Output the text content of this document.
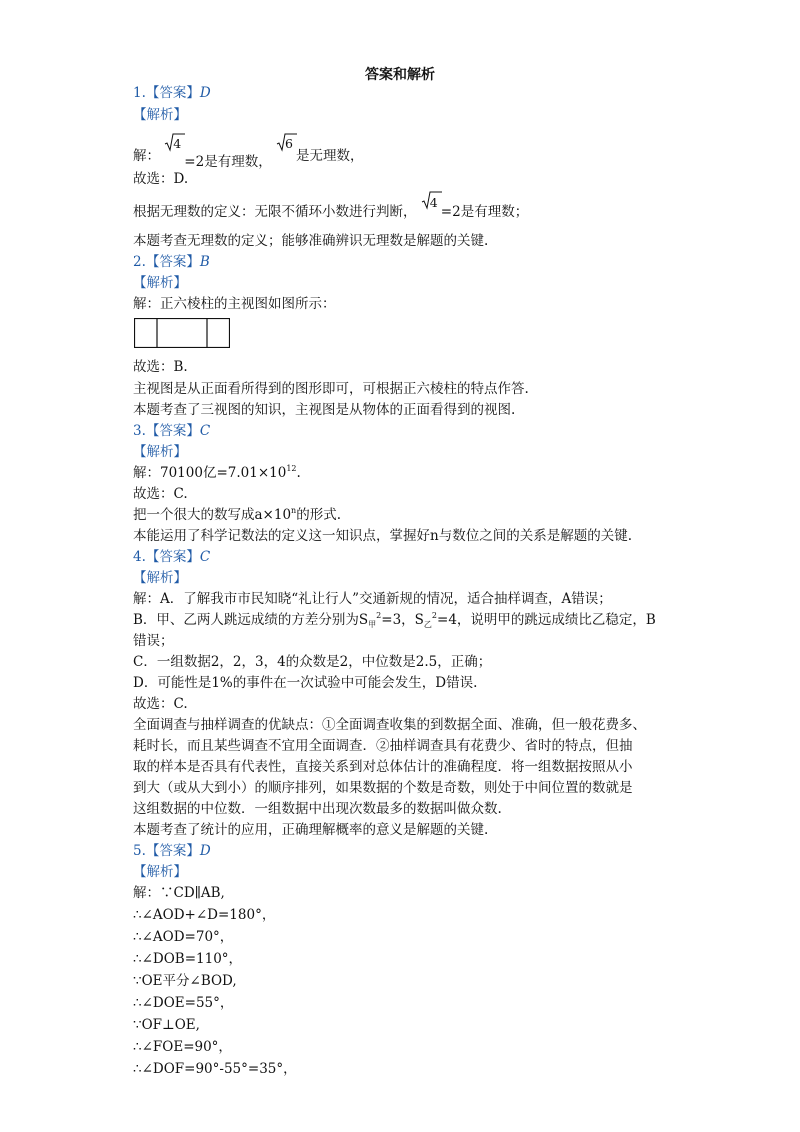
答案和解析
1.【答案】D
【解析】
解：
4
=2是有理数，
6
是无理数，
故选：D.
根据无理数的定义：无限不循环小数进行判断，
4
=2是有理数；
本题考查无理数的定义；能够准确辨识无理数是解题的关键.
2.【答案】B
【解析】
解：正六棱柱的主视图如图所示：
故选：B.
主视图是从正面看所得到的图形即可，可根据正六棱柱的特点作答.
本题考查了三视图的知识，主视图是从物体的正面看得到的视图.
3.【答案】C
【解析】
解：70100亿$=7.01\times 10^{12}$.
故选：C.
把一个很大的数写成$a\times 10^n$的形式.
本能运用了科学记数法的定义这一知识点，掌握好n与数位之间的关系是解题的关键.
4.【答案】C
【解析】
解：A．了解我市市民知晓“礼让行人”交通新规的情况，适合抽样调查，A错误；
B．甲、乙两人跳远成绩的方差分别为$S_甲^2=3$，$S_乙^2=4$，说明甲的跳远成绩比乙稳定，B
错误；
C．一组数据2，2，3，4的众数是2，中位数是2.5，正确；
D．可能性是1%的事件在一次试验中可能会发生，D错误.
故选：C.
全面调查与抽样调查的优缺点：①全面调查收集的到数据全面、准确，但一般花费多、
耗时长，而且某些调查不宜用全面调查．②抽样调查具有花费少、省时的特点，但抽
取的样本是否具有代表性，直接关系到对总体估计的准确程度．将一组数据按照从小
到大（或从大到小）的顺序排列，如果数据的个数是奇数，则处于中间位置的数就是
这组数据的中位数．一组数据中出现次数最多的数据叫做众数.
本题考查了统计的应用，正确理解概率的意义是解题的关键.
5.【答案】D
【解析】
解：∵CD∥AB,
∴∠AOD+∠D=180°，
∴∠AOD=70°，
∴∠DOB=110°，
∵OE平分∠BOD,
∴∠DOE=55°，
∵OF⊥OE,
∴∠FOE=90°，
∴∠DOF=90°-55°=35°，
